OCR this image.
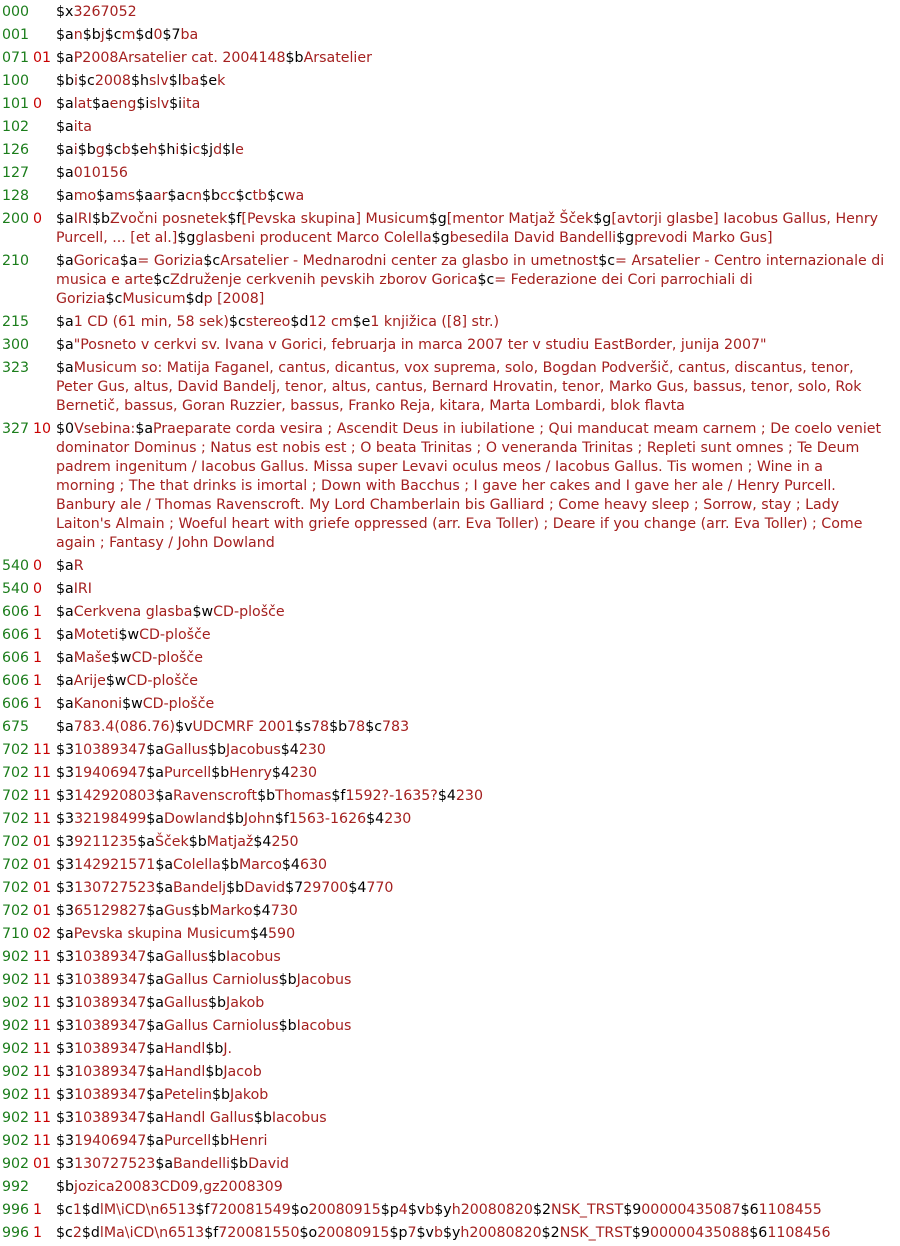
000 $x3267052
001 $an$bj$cm$d0$7ba
071 01 $aP2008Arsatelier cat. 2004148$bArsatelier
100 $bi$c2008$hslv$lba$ek
101 0 $alat$aeng$islv$iita
102 $aita
126 $ai$bg$cb$eh$hi$ic$jd$le
127 $a010156
128 $amo$ams$aar$acn$bcc$ctb$cwa
200 0 $aIRI$bZvočni posnetek$f[Pevska skupina] Musicum$g[mentor Matjaž Šček$g[avtorji glasbe] Iacobus Gallus, Henry Purcell, ... [et al.]$gglasbeni producent Marco Colella$gbesedila David Bandelli$gprevodi Marko Gus]
210 $aGorica$a= Gorizia$cArsatelier - Mednarodni center za glasbo in umetnost$c= Arsatelier - Centro internazionale di musica e arte$cZdruženje cerkvenih pevskih zborov Gorica$c= Federazione dei Cori parrochiali di Gorizia$cMusicum$dp [2008]
215 $a1 CD (61 min, 58 sek)$cstereo$d12 cm$e1 knjižica ([8] str.)
300 $a"Posneto v cerkvi sv. Ivana v Gorici, februarja in marca 2007 ter v studiu EastBorder, junija 2007"
323 $aMusicum so: Matija Faganel, cantus, dicantus, vox suprema, solo, Bogdan Podveršič, cantus, discantus, tenor, Peter Gus, altus, David Bandelj, tenor, altus, cantus, Bernard Hrovatin, tenor, Marko Gus, bassus, tenor, solo, Rok Bernetič, bassus, Goran Ruzzier, bassus, Franko Reja, kitara, Marta Lombardi, blok flavta
327 10 $0Vsebina:$aPraeparate corda vesira ; Ascendit Deus in iubilatione ; Qui manducat meam carnem ; De coelo veniet dominator Dominus ; Natus est nobis est ; O beata Trinitas ; O veneranda Trinitas ; Repleti sunt omnes ; Te Deum padrem ingenitum / Iacobus Gallus. Missa super Levavi oculus meos / Iacobus Gallus. Tis women ; Wine in a morning ; The that drinks is imortal ; Down with Bacchus ; I gave her cakes and I gave her ale / Henry Purcell. Banbury ale / Thomas Ravenscroft. My Lord Chamberlain bis Galliard ; Come heavy sleep ; Sorrow, stay ; Lady Laiton's Almain ; Woeful heart with griefe oppressed (arr. Eva Toller) ; Deare if you change (arr. Eva Toller) ; Come again ; Fantasy / John Dowland
540 0 $aR
540 0 $aIRI
606 1 $aCerkvena glasba$wCD-plošče
606 1 $aMoteti$wCD-plošče
606 1 $aMaše$wCD-plošče
606 1 $aArije$wCD-plošče
606 1 $aKanoni$wCD-plošče
675 $a783.4(086.76)$vUDCMRF 2001$s78$b78$c783
702 11 $310389347$aGallus$bJacobus$4230
702 11 $319406947$aPurcell$bHenry$4230
702 11 $3142920803$aRavenscroft$bThomas$f1592?-1635?$4230
702 11 $332198499$aDowland$bJohn$f1563-1626$4230
702 01 $39211235$aŠček$bMatjaž$4250
702 01 $3142921571$aColella$bMarco$4630
702 01 $3130727523$aBandelj$bDavid$729700$4770
702 01 $365129827$aGus$bMarko$4730
710 02 $aPevska skupina Musicum$4590
902 11 $310389347$aGallus$bIacobus
902 11 $310389347$aGallus Carniolus$bJacobus
902 11 $310389347$aGallus$bJakob
902 11 $310389347$aGallus Carniolus$bIacobus
902 11 $310389347$aHandl$bJ.
902 11 $310389347$aHandl$bJacob
902 11 $310389347$aPetelin$bJakob
902 11 $310389347$aHandl Gallus$bIacobus
902 11 $319406947$aPurcell$bHenri
902 01 $3130727523$aBandelli$bDavid
992 $bjozica20083CD09,gz2008309
996 1 $c1$dlM\iCD\n6513$f720081549$o20080915$p4$vb$yh20080820$2NSK_TRST$900000435087$61108455
996 1 $c2$dlMa\iCD\n6513$f720081550$o20080915$p7$vb$yh20080820$2NSK_TRST$900000435088$61108456
